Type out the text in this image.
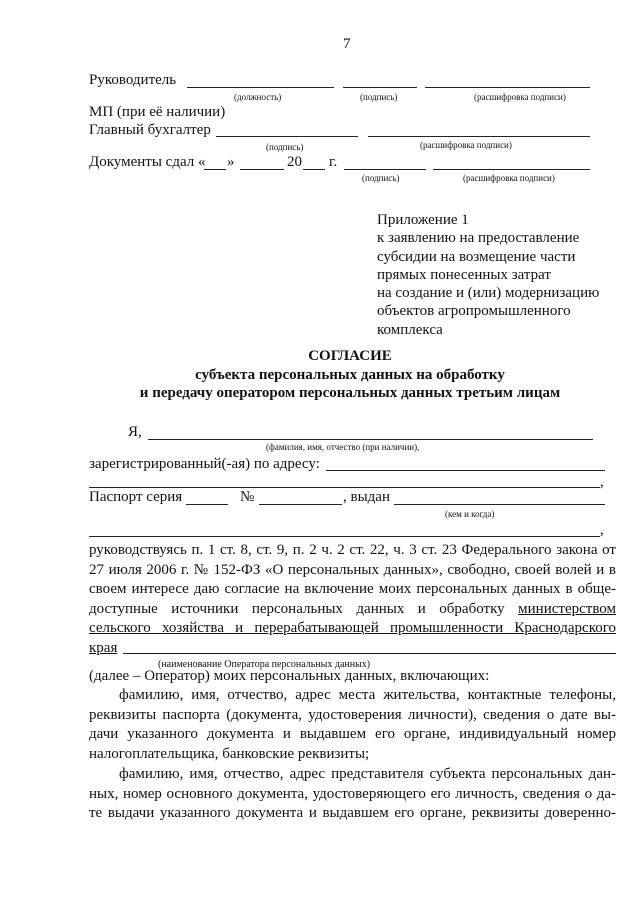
7
Руководитель
(должность)	(подпись)	(расшифровка подписи)
МП (при её наличии)
Главный бухгалтер
(подпись)	(расшифровка подписи)
Документы сдал « »	20 г.
(подпись)	(расшифровка подписи)
Приложение 1
к заявлению на предоставление
субсидии на возмещение части
прямых понесенных затрат
на создание и (или) модернизацию
объектов агропромышленного
комплекса
СОГЛАСИЕ
субъекта персональных данных на обработку
и передачу оператором персональных данных третьим лицам
Я,
(фамилия, имя, отчество (при наличии),
зарегистрированный(-ая) по адресу:
,
Паспорт серия	№	, выдан
(кем и когда)
,
руководствуясь п. 1 ст. 8, ст. 9, п. 2 ч. 2 ст. 22, ч. 3 ст. 23 Федерального закона от
27 июля 2006 г. № 152-ФЗ «О персональных данных», свободно, своей волей и в
своем интересе даю согласие на включение моих персональных данных в обще-
доступные источники персональных данных и обработку министерством
сельского хозяйства и перерабатывающей промышленности Краснодарского
края
(наименование Оператора персональных данных)
(далее – Оператор) моих персональных данных, включающих:
фамилию, имя, отчество, адрес места жительства, контактные телефоны,
реквизиты паспорта (документа, удостоверения личности), сведения о дате вы-
дачи указанного документа и выдавшем его органе, индивидуальный номер
налогоплательщика, банковские реквизиты;
фамилию, имя, отчество, адрес представителя субъекта персональных дан-
ных, номер основного документа, удостоверяющего его личность, сведения о да-
те выдачи указанного документа и выдавшем его органе, реквизиты доверенно-
